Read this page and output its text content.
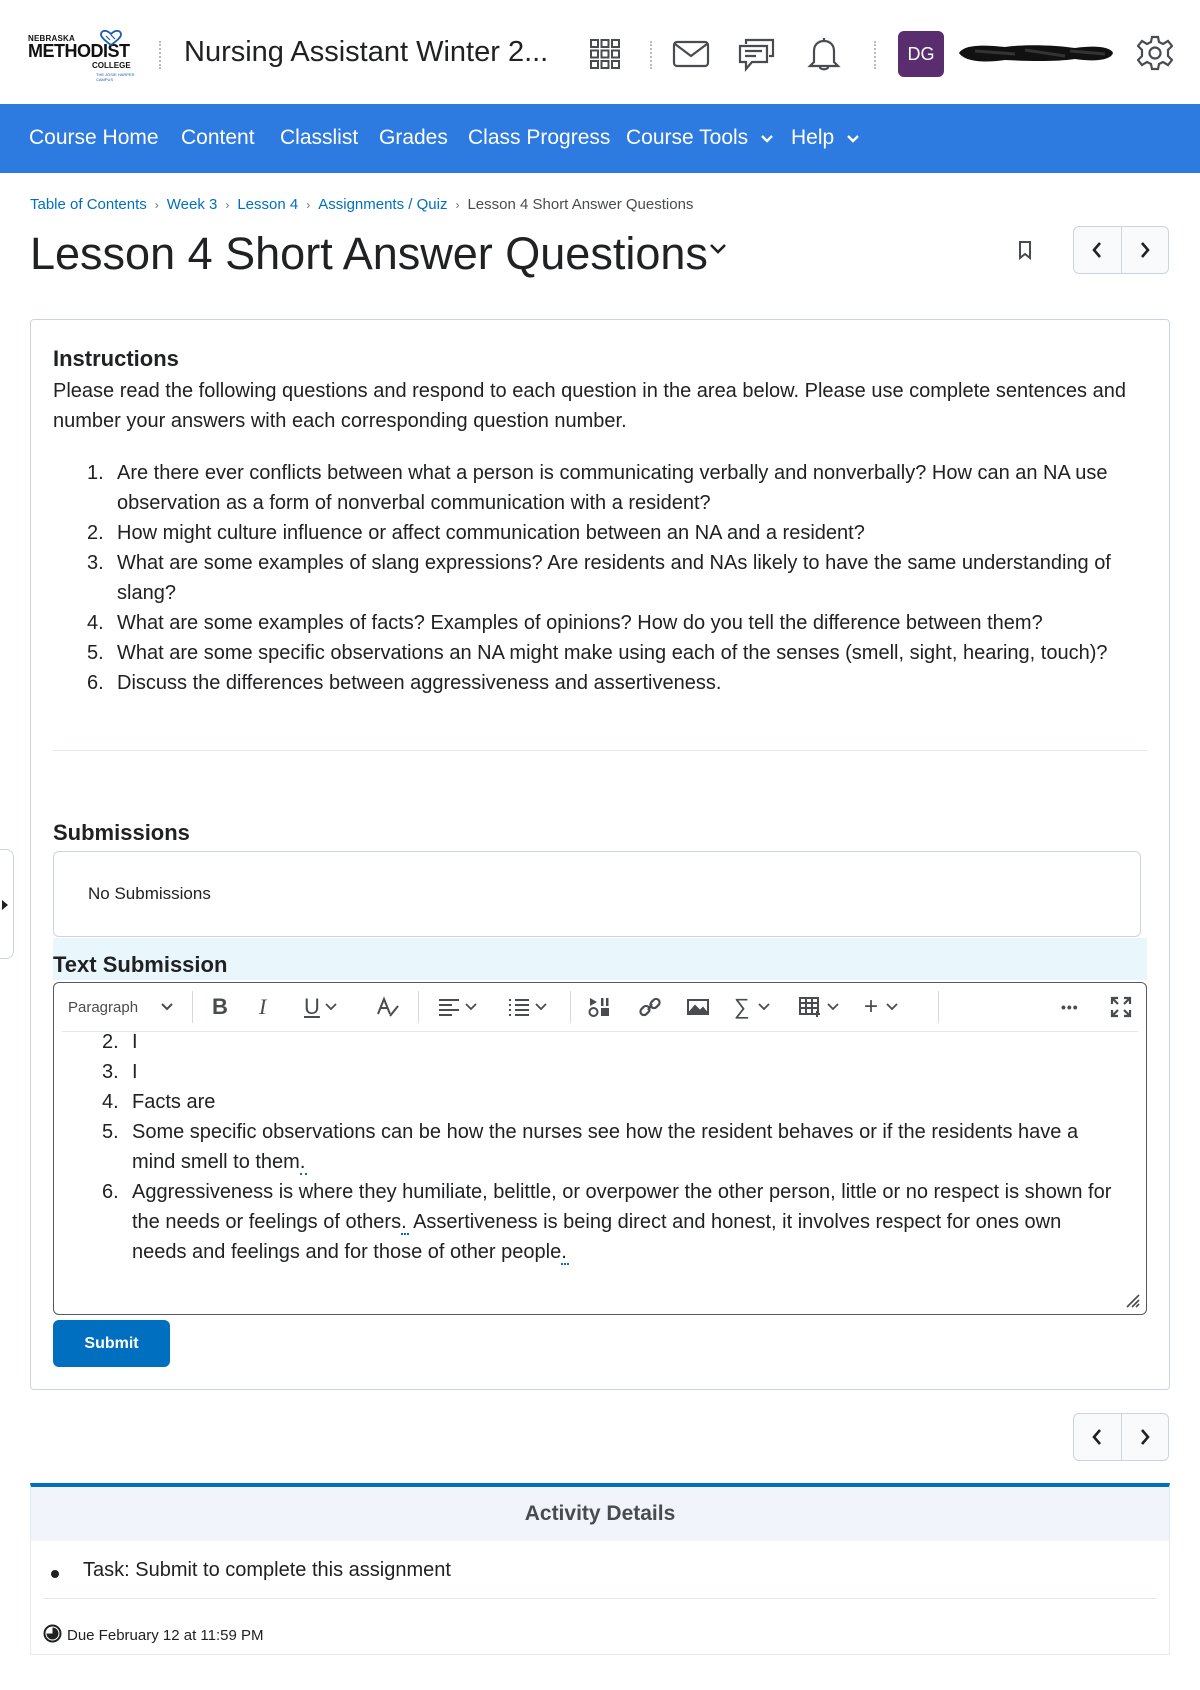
NEBRASKA
METHODIST
COLLEGE
THE JOSIE HARPER CAMPUS
Nursing Assistant Winter 2...	DG
Course Home Content Classlist Grades Class Progress Course Tools	Help
Table of Contents › Week 3 › Lesson 4 › Assignments / Quiz › Lesson 4 Short Answer Questions
Lesson 4 Short Answer Questions
Instructions
Please read the following questions and respond to each question in the area below. Please use complete sentences and number your answers with each corresponding question number.
1. Are there ever conflicts between what a person is communicating verbally and nonverbally? How can an NA use observation as a form of nonverbal communication with a resident?
2. How might culture influence or affect communication between an NA and a resident?
3. What are some examples of slang expressions? Are residents and NAs likely to have the same understanding of slang?
4. What are some examples of facts? Examples of opinions? How do you tell the difference between them?
5. What are some specific observations an NA might make using each of the senses (smell, sight, hearing, touch)?
6. Discuss the differences between aggressiveness and assertiveness.
Submissions
No Submissions
Text Submission
Paragraph	B I U	∑	+	•••
2. I
3. I
4. Facts are
5. Some specific observations can be how the nurses see how the resident behaves or if the residents have a mind smell to them.
6. Aggressiveness is where they humiliate, belittle, or overpower the other person, little or no respect is shown for the needs or feelings of others. Assertiveness is being direct and honest, it involves respect for ones own needs and feelings and for those of other people.
Submit
Activity Details
Task: Submit to complete this assignment
Due February 12 at 11:59 PM
